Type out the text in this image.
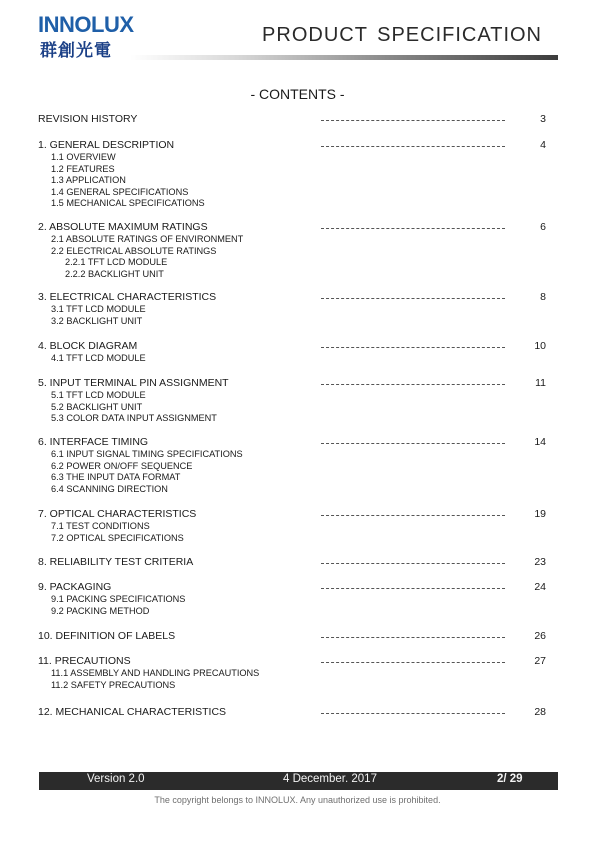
INNOLUX
群創光電
PRODUCT SPECIFICATION
- CONTENTS -
REVISION HISTORY	3
1. GENERAL DESCRIPTION	4
1.1 OVERVIEW
1.2 FEATURES
1.3 APPLICATION
1.4 GENERAL SPECIFICATIONS
1.5 MECHANICAL SPECIFICATIONS
2. ABSOLUTE MAXIMUM RATINGS	6
2.1 ABSOLUTE RATINGS OF ENVIRONMENT
2.2 ELECTRICAL ABSOLUTE RATINGS
2.2.1 TFT LCD MODULE
2.2.2 BACKLIGHT UNIT
3. ELECTRICAL CHARACTERISTICS	8
3.1 TFT LCD MODULE
3.2 BACKLIGHT UNIT
4. BLOCK DIAGRAM	10
4.1 TFT LCD MODULE
5. INPUT TERMINAL PIN ASSIGNMENT	11
5.1 TFT LCD MODULE
5.2 BACKLIGHT UNIT
5.3 COLOR DATA INPUT ASSIGNMENT
6. INTERFACE TIMING	14
6.1 INPUT SIGNAL TIMING SPECIFICATIONS
6.2 POWER ON/OFF SEQUENCE
6.3 THE INPUT DATA FORMAT
6.4 SCANNING DIRECTION
7. OPTICAL CHARACTERISTICS	19
7.1 TEST CONDITIONS
7.2 OPTICAL SPECIFICATIONS
8. RELIABILITY TEST CRITERIA	23
9. PACKAGING	24
9.1 PACKING SPECIFICATIONS
9.2 PACKING METHOD
10. DEFINITION OF LABELS	26
11. PRECAUTIONS	27
11.1 ASSEMBLY AND HANDLING PRECAUTIONS
11.2 SAFETY PRECAUTIONS
12. MECHANICAL CHARACTERISTICS	28
Version 2.0	4 December. 2017	2/ 29
The copyright belongs to INNOLUX. Any unauthorized use is prohibited.
